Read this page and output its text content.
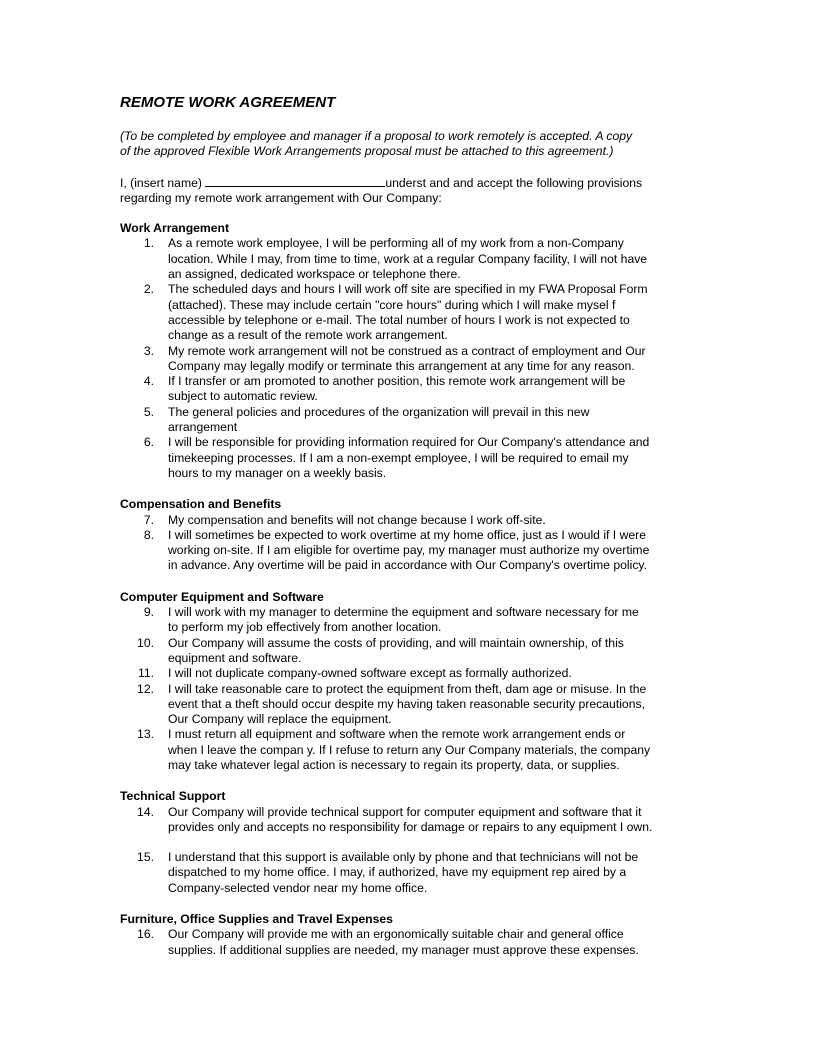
REMOTE WORK AGREEMENT
(To be completed by employee and manager if a proposal to work remotely is accepted. A copy
of the approved Flexible Work Arrangements proposal must be attached to this agreement.)
I, (insert name)	underst and and accept the following provisions
regarding my remote work arrangement with Our Company:
Work Arrangement
1. As a remote work employee, I will be performing all of my work from a non-Company
location. While I may, from time to time, work at a regular Company facility, I will not have
an assigned, dedicated workspace or telephone there.
2. The scheduled days and hours I will work off site are specified in my FWA Proposal Form
(attached). These may include certain "core hours" during which I will make mysel f
accessible by telephone or e-mail. The total number of hours I work is not expected to
change as a result of the remote work arrangement.
3. My remote work arrangement will not be construed as a contract of employment and Our
Company may legally modify or terminate this arrangement at any time for any reason.
4. If I transfer or am promoted to another position, this remote work arrangement will be
subject to automatic review.
5. The general policies and procedures of the organization will prevail in this new
arrangement
6. I will be responsible for providing information required for Our Company's attendance and
timekeeping processes. If I am a non-exempt employee, I will be required to email my
hours to my manager on a weekly basis.
Compensation and Benefits
7. My compensation and benefits will not change because I work off-site.
8. I will sometimes be expected to work overtime at my home office, just as I would if I were
working on-site. If I am eligible for overtime pay, my manager must authorize my overtime
in advance. Any overtime will be paid in accordance with Our Company's overtime policy.
Computer Equipment and Software
9. I will work with my manager to determine the equipment and software necessary for me
to perform my job effectively from another location.
10. Our Company will assume the costs of providing, and will maintain ownership, of this
equipment and software.
11. I will not duplicate company-owned software except as formally authorized.
12. I will take reasonable care to protect the equipment from theft, dam age or misuse. In the
event that a theft should occur despite my having taken reasonable security precautions,
Our Company will replace the equipment.
13. I must return all equipment and software when the remote work arrangement ends or
when I leave the compan y. If I refuse to return any Our Company materials, the company
may take whatever legal action is necessary to regain its property, data, or supplies.
Technical Support
14. Our Company will provide technical support for computer equipment and software that it
provides only and accepts no responsibility for damage or repairs to any equipment I own.
15. I understand that this support is available only by phone and that technicians will not be
dispatched to my home office. I may, if authorized, have my equipment rep aired by a
Company-selected vendor near my home office.
Furniture, Office Supplies and Travel Expenses
16. Our Company will provide me with an ergonomically suitable chair and general office
supplies. If additional supplies are needed, my manager must approve these expenses.
